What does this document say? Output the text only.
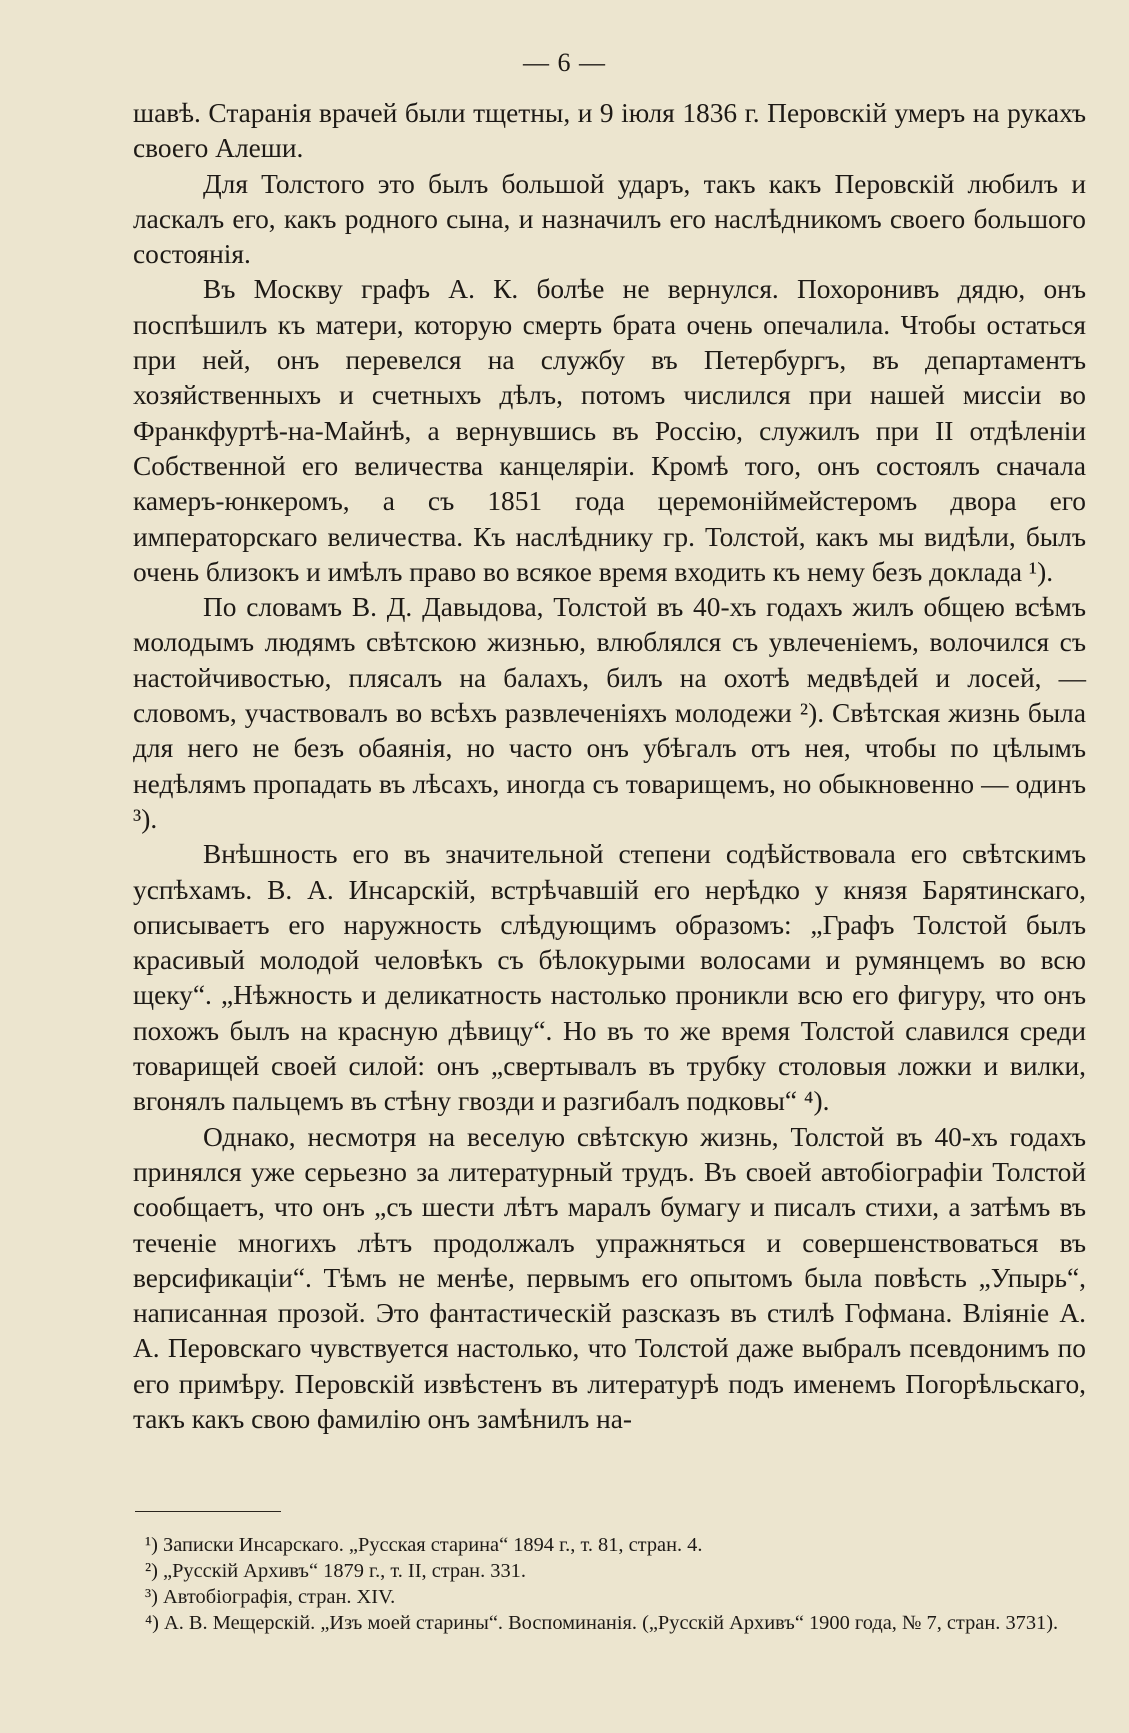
— 6 —

шавѣ. Старанія врачей были тщетны, и 9 іюля 1836 г. Перовскій умеръ на рукахъ своего Алеши.

Для Толстого это былъ большой ударъ, такъ какъ Перовскій любилъ и ласкалъ его, какъ родного сына, и назначилъ его наслѣдникомъ своего большого состоянія.

Въ Москву графъ А. К. болѣе не вернулся. Похоронивъ дядю, онъ поспѣшилъ къ матери, которую смерть брата очень опечалила. Чтобы остаться при ней, онъ перевелся на службу въ Петербургъ, въ департаментъ хозяйственныхъ и счетныхъ дѣлъ, потомъ числился при нашей миссіи во Франкфуртѣ-на-Майнѣ, а вернувшись въ Россію, служилъ при II отдѣленіи Собственной его величества канцеляріи. Кромѣ того, онъ состоялъ сначала камеръ-юнкеромъ, а съ 1851 года церемоніймейстеромъ двора его императорскаго величества. Къ наслѣднику гр. Толстой, какъ мы видѣли, былъ очень близокъ и имѣлъ право во всякое время входить къ нему безъ доклада ¹).

По словамъ В. Д. Давыдова, Толстой въ 40-хъ годахъ жилъ общею всѣмъ молодымъ людямъ свѣтскою жизнью, влюблялся съ увлеченіемъ, волочился съ настойчивостью, плясалъ на балахъ, билъ на охотѣ медвѣдей и лосей, — словомъ, участвовалъ во всѣхъ развлеченіяхъ молодежи ²). Свѣтская жизнь была для него не безъ обаянія, но часто онъ убѣгалъ отъ нея, чтобы по цѣлымъ недѣлямъ пропадать въ лѣсахъ, иногда съ товарищемъ, но обыкновенно — одинъ ³).

Внѣшность его въ значительной степени содѣйствовала его свѣтскимъ успѣхамъ. В. А. Инсарскій, встрѣчавшій его нерѣдко у князя Барятинскаго, описываетъ его наружность слѣдующимъ образомъ: „Графъ Толстой былъ красивый молодой человѣкъ съ бѣлокурыми волосами и румянцемъ во всю щеку“. „Нѣжность и деликатность настолько проникли всю его фигуру, что онъ похожъ былъ на красную дѣвицу“. Но въ то же время Толстой славился среди товарищей своей силой: онъ „свертывалъ въ трубку столовыя ложки и вилки, вгонялъ пальцемъ въ стѣну гвозди и разгибалъ подковы“ ⁴).

Однако, несмотря на веселую свѣтскую жизнь, Толстой въ 40-хъ годахъ принялся уже серьезно за литературный трудъ. Въ своей автобіографіи Толстой сообщаетъ, что онъ „съ шести лѣтъ маралъ бумагу и писалъ стихи, а затѣмъ въ теченіе многихъ лѣтъ продолжалъ упражняться и совершенствоваться въ версификаціи“. Тѣмъ не менѣе, первымъ его опытомъ была повѣсть „Упырь“, написанная прозой. Это фантастическій разсказъ въ стилѣ Гофмана. Вліяніе А. А. Перовскаго чувствуется настолько, что Толстой даже выбралъ псевдонимъ по его примѣру. Перовскій извѣстенъ въ литературѣ подъ именемъ Погорѣльскаго, такъ какъ свою фамилію онъ замѣнилъ на-

¹) Записки Инсарскаго. „Русская старина“ 1894 г., т. 81, стран. 4.

²) „Русскій Архивъ“ 1879 г., т. II, стран. 331.

³) Автобіографія, стран. XIV.

⁴) А. В. Мещерскій. „Изъ моей старины“. Воспоминанія. („Русскій Архивъ“ 1900 года, № 7, стран. 3731).
